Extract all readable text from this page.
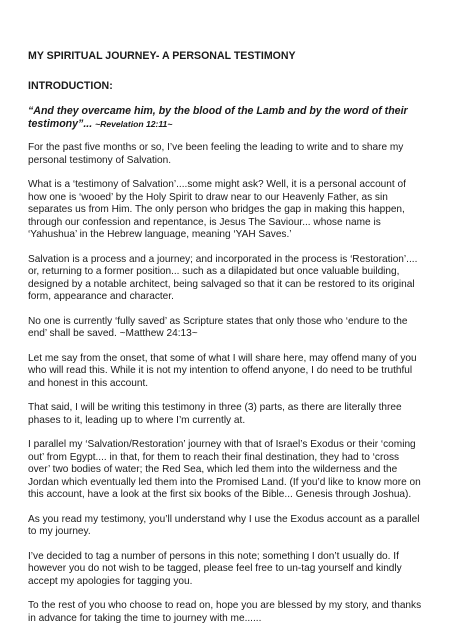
MY SPIRITUAL JOURNEY- A PERSONAL TESTIMONY
INTRODUCTION:
“And they overcame him, by the blood of the Lamb and by the word of their
testimony”... ~Revelation 12:11~

For the past five months or so, I’ve been feeling the leading to write and to share my
personal testimony of Salvation.

What is a ‘testimony of Salvation’....some might ask? Well, it is a personal account of
how one is ‘wooed’ by the Holy Spirit to draw near to our Heavenly Father, as sin
separates us from Him. The only person who bridges the gap in making this happen,
through our confession and repentance, is Jesus The Saviour... whose name is
‘Yahushua’ in the Hebrew language, meaning ‘YAH Saves.’

Salvation is a process and a journey; and incorporated in the process is ‘Restoration’....
or, returning to a former position... such as a dilapidated but once valuable building,
designed by a notable architect, being salvaged so that it can be restored to its original
form, appearance and character.

No one is currently ‘fully saved’ as Scripture states that only those who ‘endure to the
end’ shall be saved. ~Matthew 24:13~

Let me say from the onset, that some of what I will share here, may offend many of you
who will read this. While it is not my intention to offend anyone, I do need to be truthful
and honest in this account.

That said, I will be writing this testimony in three (3) parts, as there are literally three
phases to it, leading up to where I’m currently at.

I parallel my ‘Salvation/Restoration’ journey with that of Israel’s Exodus or their ‘coming
out’ from Egypt.... in that, for them to reach their final destination, they had to ‘cross
over’ two bodies of water; the Red Sea, which led them into the wilderness and the
Jordan which eventually led them into the Promised Land. (If you’d like to know more on
this account, have a look at the first six books of the Bible... Genesis through Joshua).

As you read my testimony, you’ll understand why I use the Exodus account as a parallel
to my journey.

I’ve decided to tag a number of persons in this note; something I don’t usually do. If
however you do not wish to be tagged, please feel free to un-tag yourself and kindly
accept my apologies for tagging you.

To the rest of you who choose to read on, hope you are blessed by my story, and thanks
in advance for taking the time to journey with me......
